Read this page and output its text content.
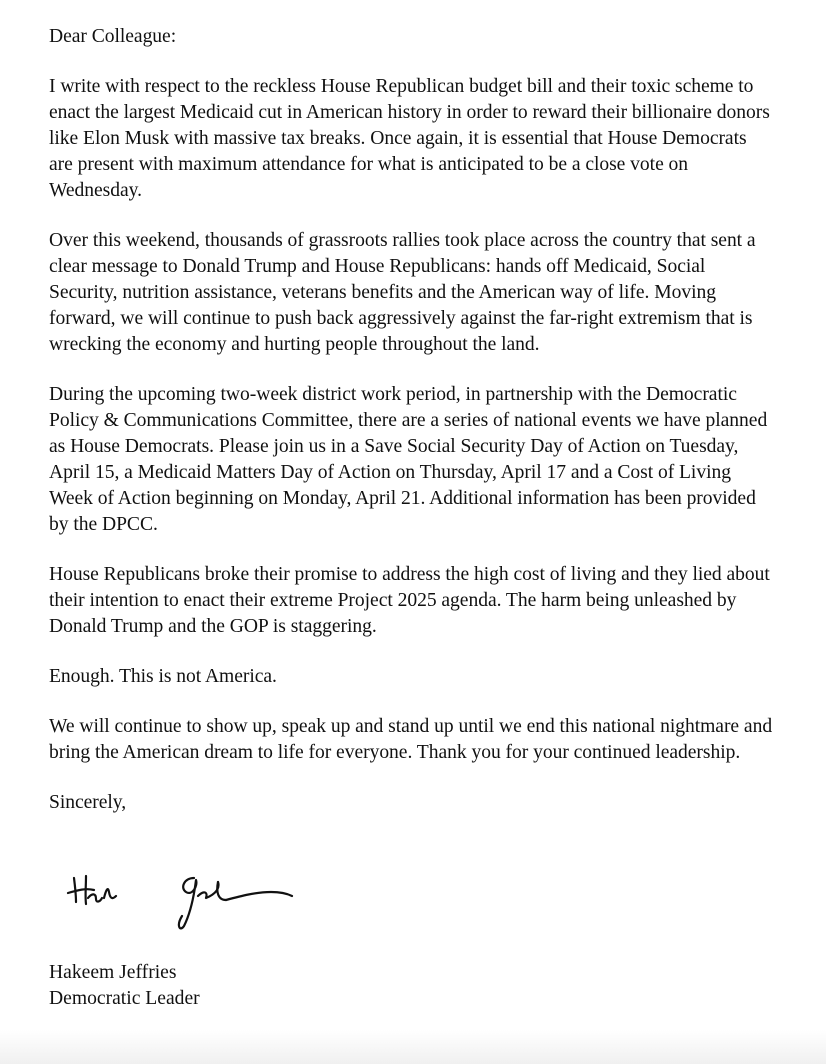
Dear Colleague:

I write with respect to the reckless House Republican budget bill and their toxic scheme to enact the largest Medicaid cut in American history in order to reward their billionaire donors like Elon Musk with massive tax breaks. Once again, it is essential that House Democrats are present with maximum attendance for what is anticipated to be a close vote on Wednesday.

Over this weekend, thousands of grassroots rallies took place across the country that sent a clear message to Donald Trump and House Republicans: hands off Medicaid, Social Security, nutrition assistance, veterans benefits and the American way of life. Moving forward, we will continue to push back aggressively against the far-right extremism that is wrecking the economy and hurting people throughout the land.

During the upcoming two-week district work period, in partnership with the Democratic Policy & Communications Committee, there are a series of national events we have planned as House Democrats. Please join us in a Save Social Security Day of Action on Tuesday, April 15, a Medicaid Matters Day of Action on Thursday, April 17 and a Cost of Living Week of Action beginning on Monday, April 21. Additional information has been provided by the DPCC.

House Republicans broke their promise to address the high cost of living and they lied about their intention to enact their extreme Project 2025 agenda. The harm being unleashed by Donald Trump and the GOP is staggering.

Enough. This is not America.

We will continue to show up, speak up and stand up until we end this national nightmare and bring the American dream to life for everyone. Thank you for your continued leadership.

Sincerely,

Hakeem Jeffries
Democratic Leader
